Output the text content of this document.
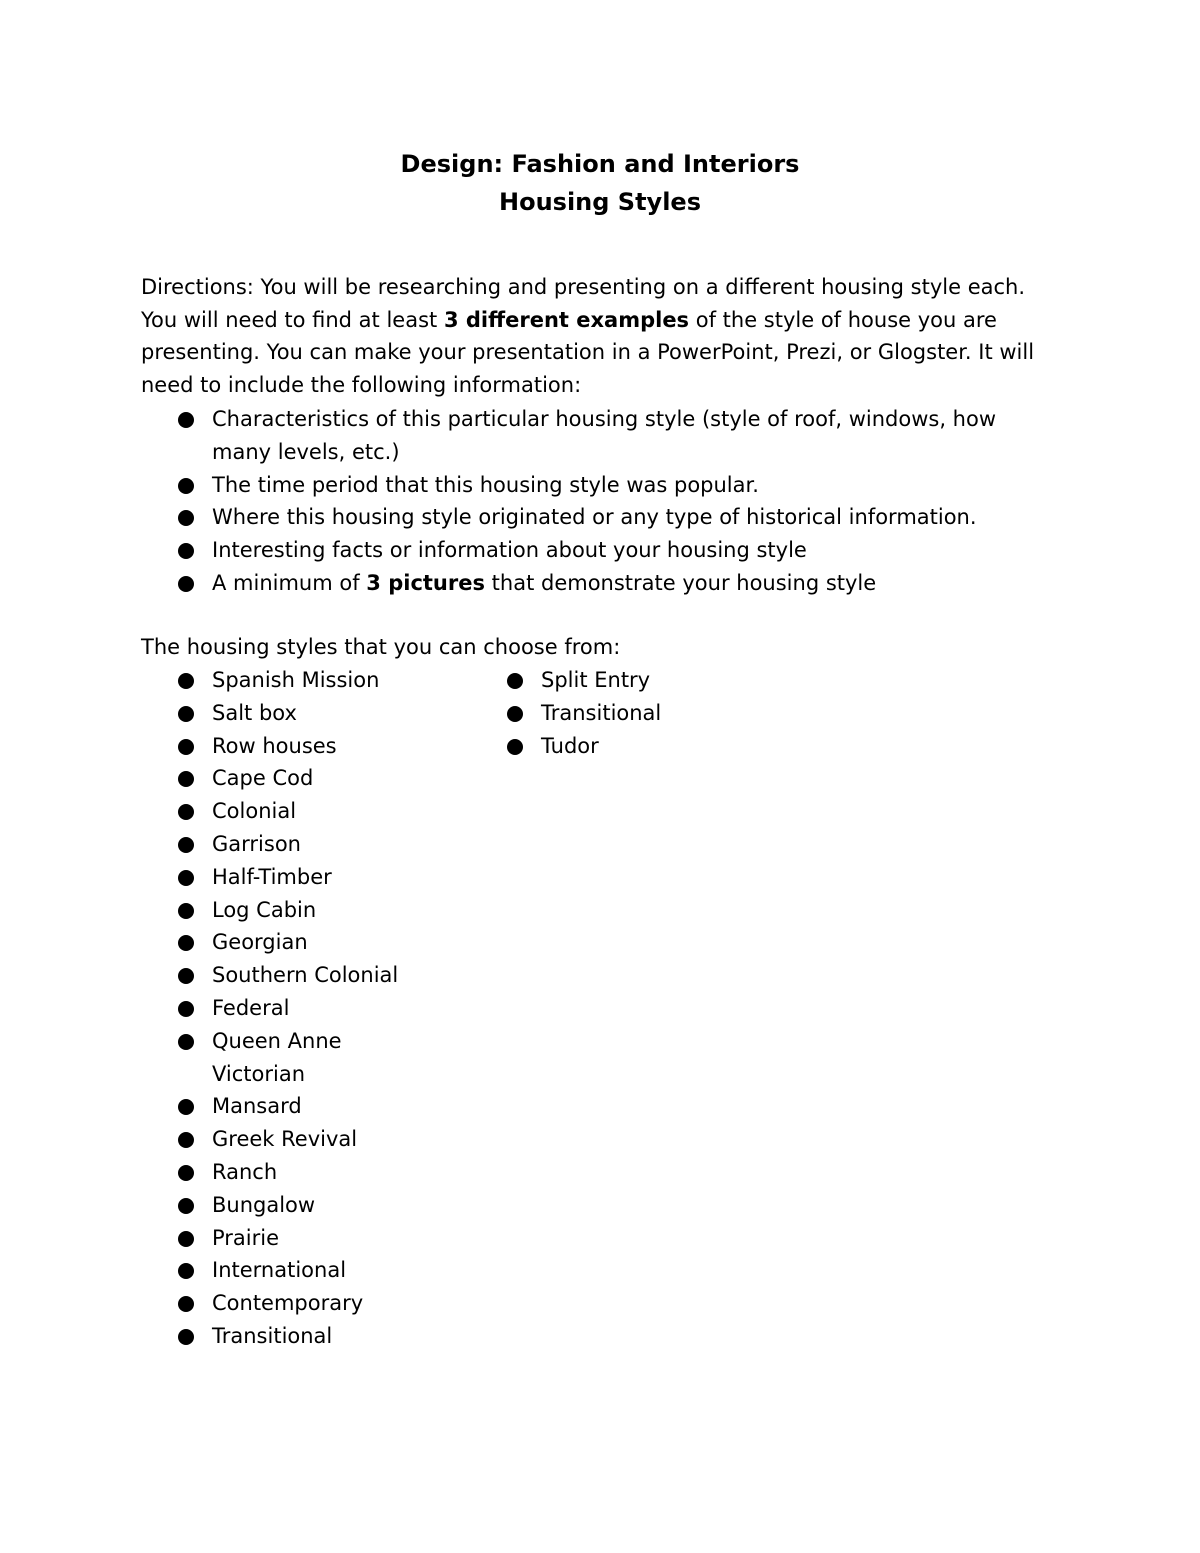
Design: Fashion and Interiors
Housing Styles
Directions: You will be researching and presenting on a different housing style each. You will need to find at least 3 different examples of the style of house you are presenting. You can make your presentation in a PowerPoint, Prezi, or Glogster. It will need to include the following information:
Characteristics of this particular housing style (style of roof, windows, how many levels, etc.)
The time period that this housing style was popular.
Where this housing style originated or any type of historical information.
Interesting facts or information about your housing style
A minimum of 3 pictures that demonstrate your housing style
The housing styles that you can choose from:
Spanish Mission
Salt box
Row houses
Cape Cod
Colonial
Garrison
Half-Timber
Log Cabin
Georgian
Southern Colonial
Federal
Queen Anne Victorian
Mansard
Greek Revival
Ranch
Bungalow
Prairie
International
Contemporary
Transitional
Split Entry
Transitional
Tudor
